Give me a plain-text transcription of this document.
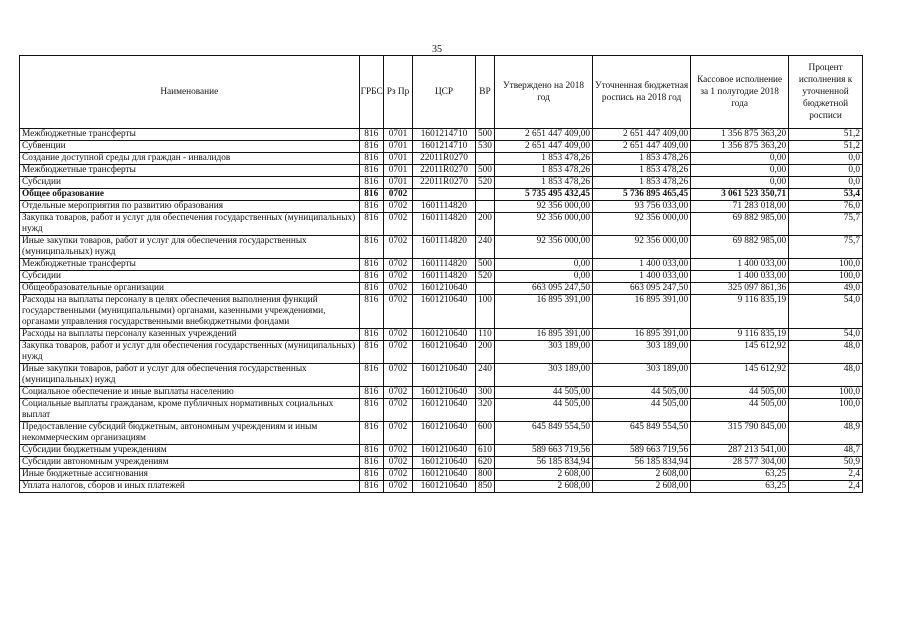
35
Наименование	ГРБС	Рз Пр	ЦСР	ВР	Утверждено на 2018 год	Уточненная бюджетная роспись на 2018 год	Кассовое исполнение за 1 полугодие 2018 года	Процент исполнения к уточненной бюджетной росписи
Межбюджетные трансферты	816	0701	1601214710	500	2 651 447 409,00	2 651 447 409,00	1 356 875 363,20	51,2
Субвенции	816	0701	1601214710	530	2 651 447 409,00	2 651 447 409,00	1 356 875 363,20	51,2
Создание доступной среды для граждан - инвалидов	816	0701	22011R0270		1 853 478,26	1 853 478,26	0,00	0,0
Межбюджетные трансферты	816	0701	22011R0270	500	1 853 478,26	1 853 478,26	0,00	0,0
Субсидии	816	0701	22011R0270	520	1 853 478,26	1 853 478,26	0,00	0,0
Общее образование	816	0702			5 735 495 432,45	5 736 895 465,45	3 061 523 350,71	53,4
Отдельные мероприятия по развитию образования	816	0702	1601114820		92 356 000,00	93 756 033,00	71 283 018,00	76,0
Закупка товаров, работ и услуг для обеспечения государственных (муниципальных) нужд	816	0702	1601114820	200	92 356 000,00	92 356 000,00	69 882 985,00	75,7
Иные закупки товаров, работ и услуг для обеспечения государственных (муниципальных) нужд	816	0702	1601114820	240	92 356 000,00	92 356 000,00	69 882 985,00	75,7
Межбюджетные трансферты	816	0702	1601114820	500	0,00	1 400 033,00	1 400 033,00	100,0
Субсидии	816	0702	1601114820	520	0,00	1 400 033,00	1 400 033,00	100,0
Общеобразовательные организации	816	0702	1601210640		663 095 247,50	663 095 247,50	325 097 861,36	49,0
Расходы на выплаты персоналу в целях обеспечения выполнения функций государственными (муниципальными) органами, казенными учреждениями, органами управления государственными внебюджетными фондами	816	0702	1601210640	100	16 895 391,00	16 895 391,00	9 116 835,19	54,0
Расходы на выплаты персоналу казенных учреждений	816	0702	1601210640	110	16 895 391,00	16 895 391,00	9 116 835,19	54,0
Закупка товаров, работ и услуг для обеспечения государственных (муниципальных) нужд	816	0702	1601210640	200	303 189,00	303 189,00	145 612,92	48,0
Иные закупки товаров, работ и услуг для обеспечения государственных (муниципальных) нужд	816	0702	1601210640	240	303 189,00	303 189,00	145 612,92	48,0
Социальное обеспечение и иные выплаты населению	816	0702	1601210640	300	44 505,00	44 505,00	44 505,00	100,0
Социальные выплаты гражданам, кроме публичных нормативных социальных выплат	816	0702	1601210640	320	44 505,00	44 505,00	44 505,00	100,0
Предоставление субсидий бюджетным, автономным учреждениям и иным некоммерческим организациям	816	0702	1601210640	600	645 849 554,50	645 849 554,50	315 790 845,00	48,9
Субсидии бюджетным учреждениям	816	0702	1601210640	610	589 663 719,56	589 663 719,56	287 213 541,00	48,7
Субсидии автономным учреждениям	816	0702	1601210640	620	56 185 834,94	56 185 834,94	28 577 304,00	50,9
Иные бюджетные ассигнования	816	0702	1601210640	800	2 608,00	2 608,00	63,25	2,4
Уплата налогов, сборов и иных платежей	816	0702	1601210640	850	2 608,00	2 608,00	63,25	2,4
